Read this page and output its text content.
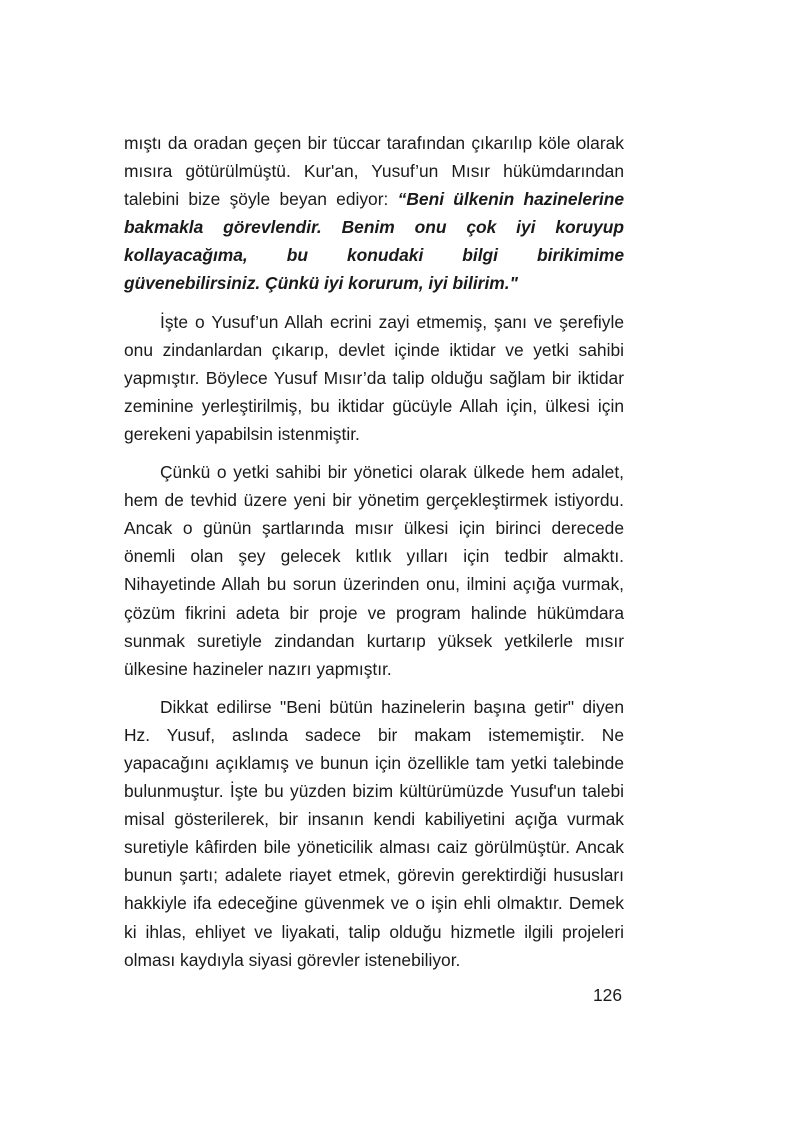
mıştı da oradan geçen bir tüccar tarafından çıkarılıp köle olarak mısıra götürülmüştü. Kur'an, Yusuf’un Mısır hükümdarından talebini bize şöyle beyan ediyor: “Beni ülkenin hazinelerine bakmakla görevlendir. Benim onu çok iyi koruyup kollayacağıma, bu konudaki bilgi birikimime güvenebilirsiniz. Çünkü iyi korurum, iyi bilirim."

İşte o Yusuf’un Allah ecrini zayi etmemiş, şanı ve şerefiyle onu zindanlardan çıkarıp, devlet içinde iktidar ve yetki sahibi yapmıştır. Böylece Yusuf Mısır’da talip olduğu sağlam bir iktidar zeminine yerleştirilmiş, bu iktidar gücüyle Allah için, ülkesi için gerekeni yapabilsin istenmiştir.

Çünkü o yetki sahibi bir yönetici olarak ülkede hem adalet, hem de tevhid üzere yeni bir yönetim gerçekleştirmek istiyordu. Ancak o günün şartlarında mısır ülkesi için birinci derecede önemli olan şey gelecek kıtlık yılları için tedbir almaktı. Nihayetinde Allah bu sorun üzerinden onu, ilmini açığa vurmak, çözüm fikrini adeta bir proje ve program halinde hükümdara sunmak suretiyle zindandan kurtarıp yüksek yetkilerle mısır ülkesine hazineler nazırı yapmıştır.

Dikkat edilirse "Beni bütün hazinelerin başına getir" diyen Hz. Yusuf, aslında sadece bir makam istememiştir. Ne yapacağını açıklamış ve bunun için özellikle tam yetki talebinde bulunmuştur. İşte bu yüzden bizim kültürümüzde Yusuf'un talebi misal gösterilerek, bir insanın kendi kabiliyetini açığa vurmak suretiyle kâfirden bile yöneticilik alması caiz görülmüştür. Ancak bunun şartı; adalete riayet etmek, görevin gerektirdiği hususları hakkiyle ifa edeceğine güvenmek ve o işin ehli olmaktır. Demek ki ihlas, ehliyet ve liyakati, talip olduğu hizmetle ilgili projeleri olması kaydıyla siyasi görevler istenebiliyor.

126
